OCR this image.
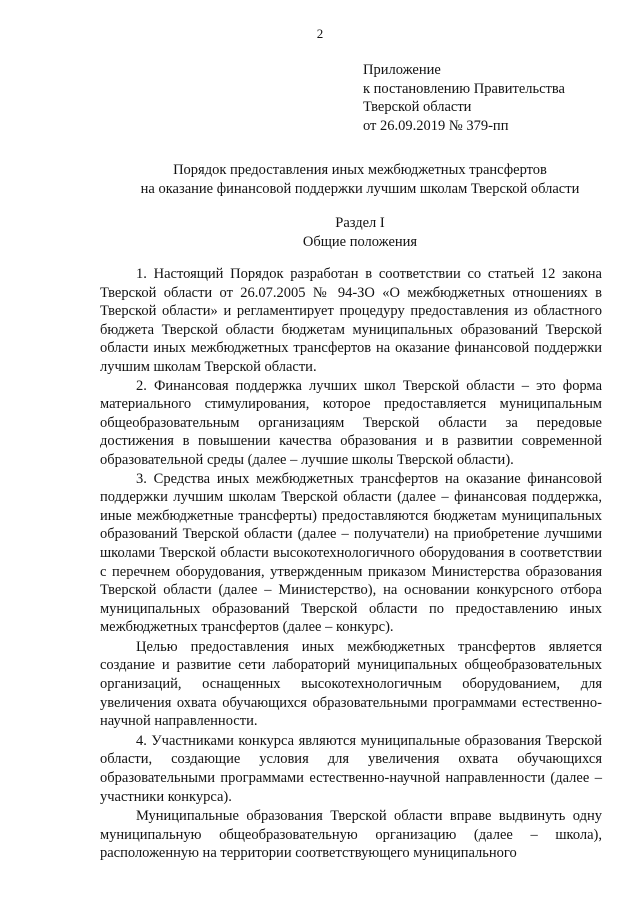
2
Приложение
к постановлению Правительства
Тверской области
от 26.09.2019 № 379-пп
Порядок предоставления иных межбюджетных трансфертов
на оказание финансовой поддержки лучшим школам Тверской области
Раздел I
Общие положения

1. Настоящий Порядок разработан в соответствии со статьей 12 закона Тверской области от 26.07.2005 № 94-ЗО «О межбюджетных отношениях в Тверской области» и регламентирует процедуру предоставления из областного бюджета Тверской области бюджетам муниципальных образований Тверской области иных межбюджетных трансфертов на оказание финансовой поддержки лучшим школам Тверской области.

2. Финансовая поддержка лучших школ Тверской области – это форма материального стимулирования, которое предоставляется муниципальным общеобразовательным организациям Тверской области за передовые достижения в повышении качества образования и в развитии современной образовательной среды (далее – лучшие школы Тверской области).

3. Средства иных межбюджетных трансфертов на оказание финансовой поддержки лучшим школам Тверской области (далее – финансовая поддержка, иные межбюджетные трансферты) предоставляются бюджетам муниципальных образований Тверской области (далее – получатели) на приобретение лучшими школами Тверской области высокотехнологичного оборудования в соответствии с перечнем оборудования, утвержденным приказом Министерства образования Тверской области (далее – Министерство), на основании конкурсного отбора муниципальных образований Тверской области по предоставлению иных межбюджетных трансфертов (далее – конкурс).

Целью предоставления иных межбюджетных трансфертов является создание и развитие сети лабораторий муниципальных общеобразовательных организаций, оснащенных высокотехнологичным оборудованием, для увеличения охвата обучающихся образовательными программами естественно-научной направленности.

4. Участниками конкурса являются муниципальные образования Тверской области, создающие условия для увеличения охвата обучающихся образовательными программами естественно-научной направленности (далее – участники конкурса).

Муниципальные образования Тверской области вправе выдвинуть одну муниципальную общеобразовательную организацию (далее – школа), расположенную на территории соответствующего муниципального
